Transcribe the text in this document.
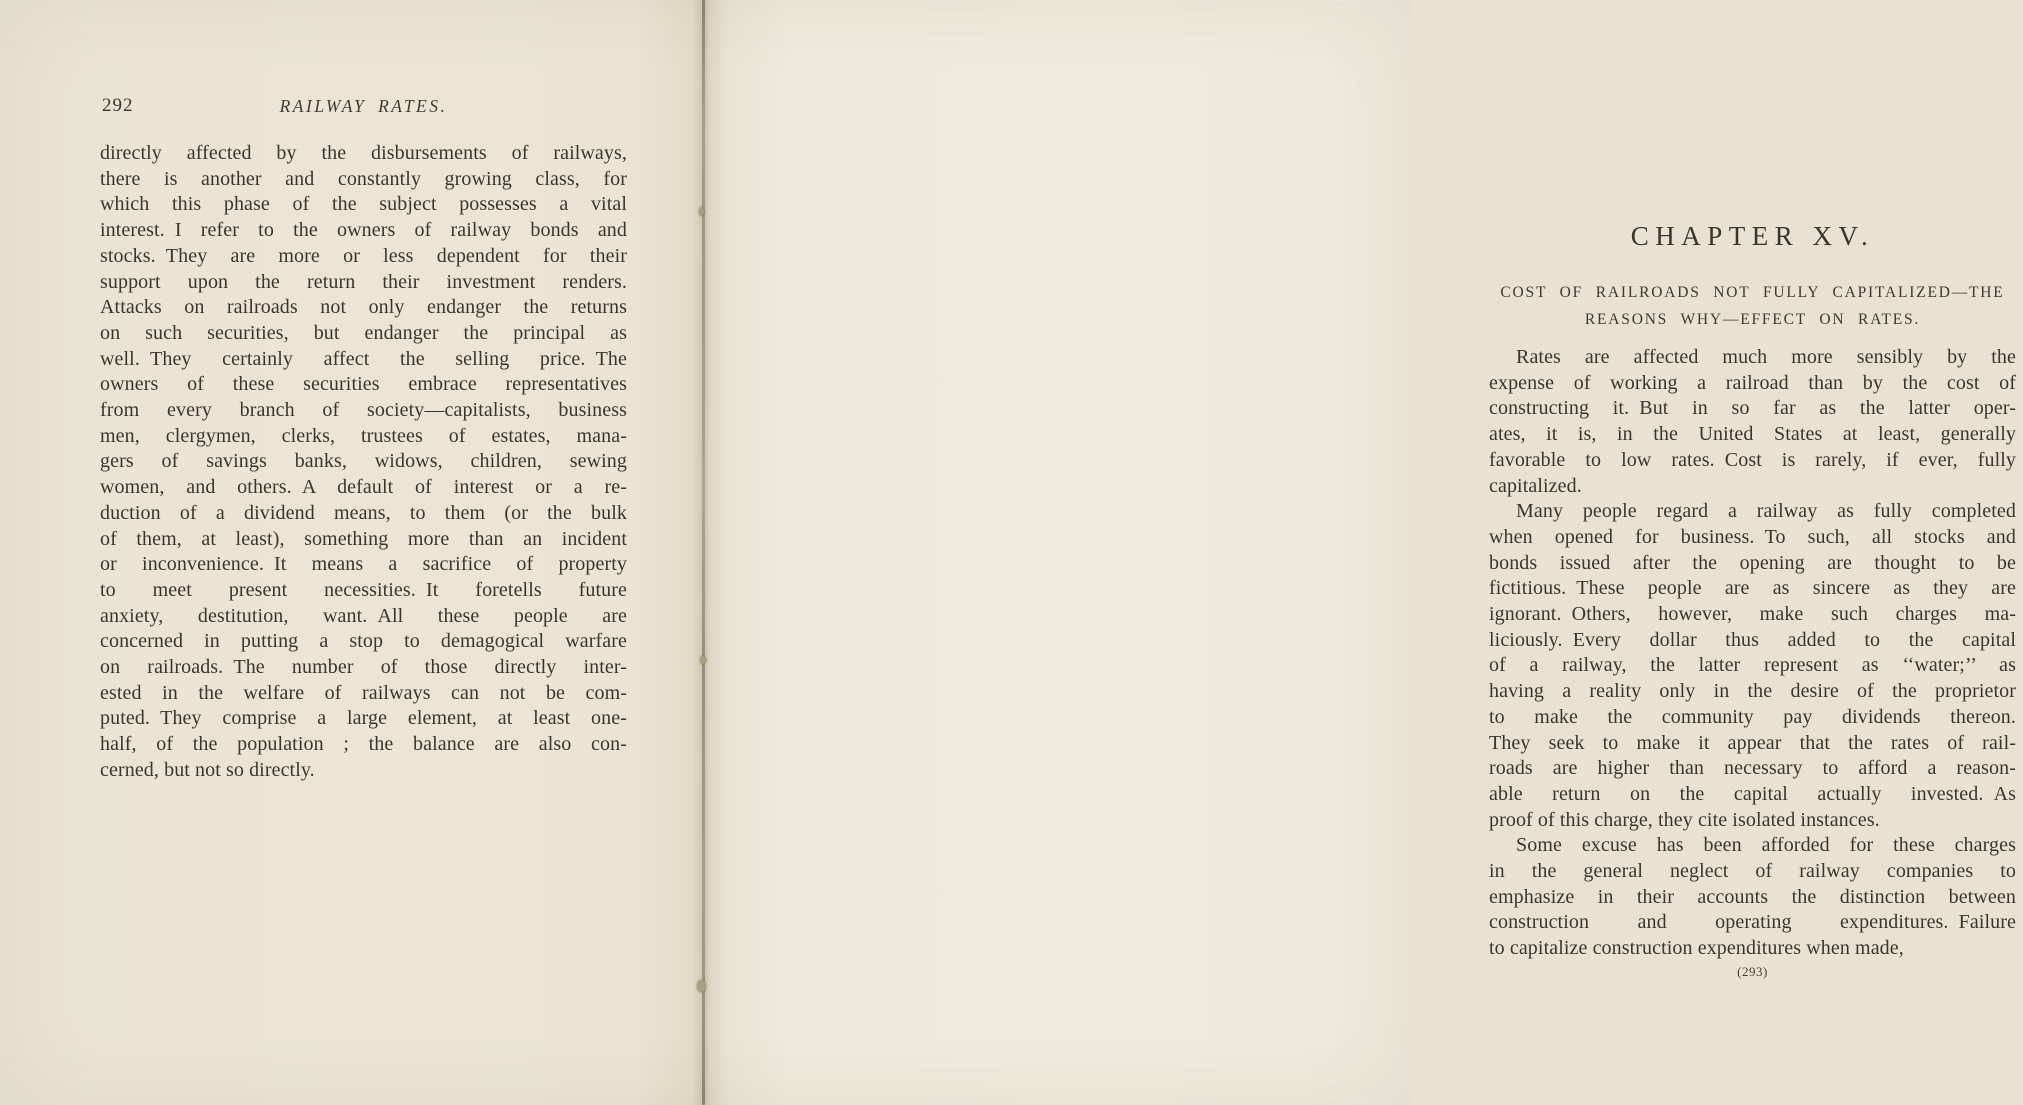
292	RAILWAY RATES.
directly affected by the disbursements of railways,
there is another and constantly growing class, for
which this phase of the subject possesses a vital
interest. I refer to the owners of railway bonds and
stocks. They are more or less dependent for their
support upon the return their investment renders.
Attacks on railroads not only endanger the returns
on such securities, but endanger the principal as
well. They certainly affect the selling price. The
owners of these securities embrace representatives
from every branch of society—capitalists, business
men, clergymen, clerks, trustees of estates, mana-
gers of savings banks, widows, children, sewing
women, and others. A default of interest or a re-
duction of a dividend means, to them (or the bulk
of them, at least), something more than an incident
or inconvenience. It means a sacrifice of property
to meet present necessities. It foretells future
anxiety, destitution, want. All these people are
concerned in putting a stop to demagogical warfare
on railroads. The number of those directly inter-
ested in the welfare of railways can not be com-
puted. They comprise a large element, at least one-
half, of the population ; the balance are also con-
cerned, but not so directly.
CHAPTER XV.
COST OF RAILROADS NOT FULLY CAPITALIZED—THE
REASONS WHY—EFFECT ON RATES.
Rates are affected much more sensibly by the
expense of working a railroad than by the cost of
constructing it. But in so far as the latter oper-
ates, it is, in the United States at least, generally
favorable to low rates. Cost is rarely, if ever, fully
capitalized.
Many people regard a railway as fully completed
when opened for business. To such, all stocks and
bonds issued after the opening are thought to be
fictitious. These people are as sincere as they are
ignorant. Others, however, make such charges ma-
liciously. Every dollar thus added to the capital
of a railway, the latter represent as ‘‘water;’’ as
having a reality only in the desire of the proprietor
to make the community pay dividends thereon.
They seek to make it appear that the rates of rail-
roads are higher than necessary to afford a reason-
able return on the capital actually invested. As
proof of this charge, they cite isolated instances.
Some excuse has been afforded for these charges
in the general neglect of railway companies to
emphasize in their accounts the distinction between
construction and operating expenditures. Failure
to capitalize construction expenditures when made,
(293)
